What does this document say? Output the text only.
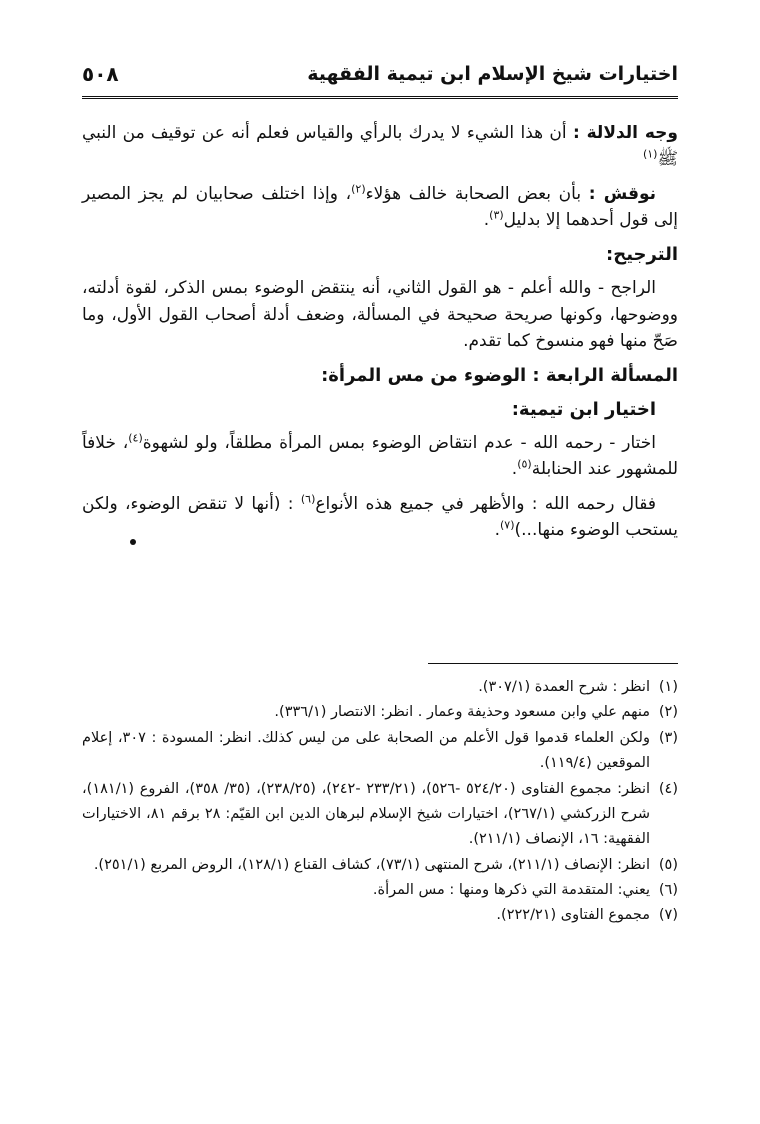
اختيارات شيخ الإسلام ابن تيمية الفقهية
٥٠٨

وجه الدلالة : أن هذا الشيء لا يدرك بالرأي والقياس فعلم أنه عن توقيف من النبي ﷺ$^{(١)}$

نوقش : بأن بعض الصحابة خالف هؤلاء$^{(٢)}$، وإذا اختلف صحابيان لم يجز المصير إلى قول أحدهما إلا بدليل$^{(٣)}$.

الترجيح:

الراجح - والله أعلم - هو القول الثاني، أنه ينتقض الوضوء بمس الذكر، لقوة أدلته، ووضوحها، وكونها صريحة صحيحة في المسألة، وضعف أدلة أصحاب القول الأول، وما صَحّ منها فهو منسوخ كما تقدم.

المسألة الرابعة : الوضوء من مس المرأة:
اختيار ابن تيمية:

اختار - رحمه الله - عدم انتقاض الوضوء بمس المرأة مطلقاً، ولو لشهوة$^{(٤)}$، خلافاً للمشهور عند الحنابلة$^{(٥)}$.

فقال رحمه الله : والأظهر في جميع هذه الأنواع$^{(٦)}$ : (أنها لا تنقض الوضوء، ولكن يستحب الوضوء منها...)$^{(٧)}$.

(١)
انظر : شرح العمدة (٣٠٧/١).
(٢)
منهم علي وابن مسعود وحذيفة وعمار . انظر: الانتصار (٣٣٦/١).
(٣)
ولكن العلماء قدموا قول الأعلم من الصحابة على من ليس كذلك. انظر: المسودة : ٣٠٧، إعلام الموقعين (١١٩/٤).
(٤)
انظر: مجموع الفتاوى (٥٢٤/٢٠ -٥٢٦)، (٢٣٣/٢١ -٢٤٢)، (٢٣٨/٢٥)، (٣٥/ ٣٥٨)، الفروع (١٨١/١)، شرح الزركشي (٢٦٧/١)، اختيارات شيخ الإسلام لبرهان الدين ابن القيّم: ٢٨ برقم ٨١، الاختيارات الفقهية: ١٦، الإنصاف (٢١١/١).
(٥)
انظر: الإنصاف (٢١١/١)، شرح المنتهى (٧٣/١)، كشاف القناع (١٢٨/١)، الروض المربع (٢٥١/١).
(٦)
يعني: المتقدمة التي ذكرها ومنها : مس المرأة.
(٧)
مجموع الفتاوى (٢٢٢/٢١).
